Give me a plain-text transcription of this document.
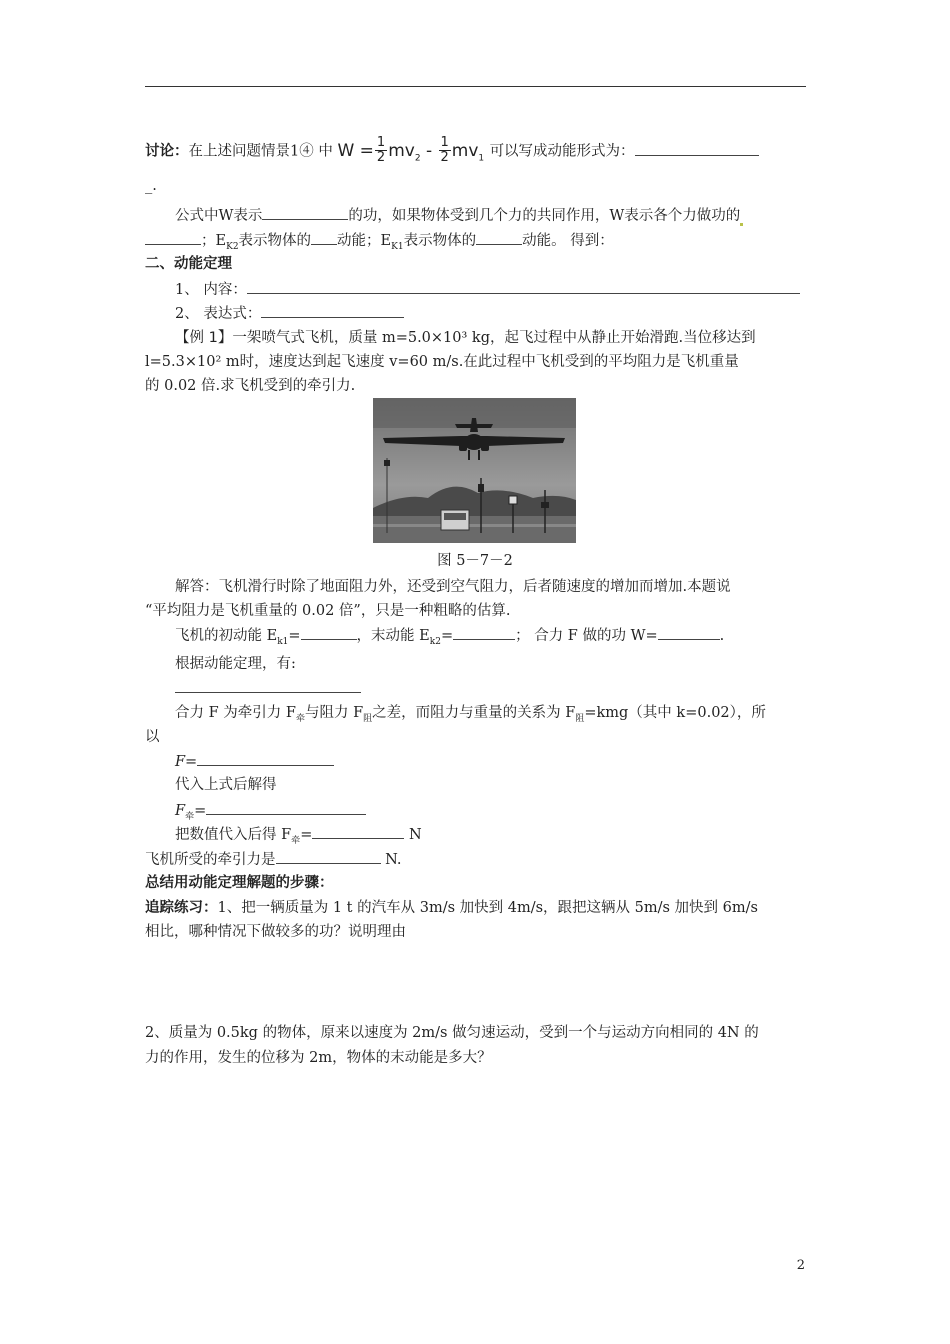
讨论：在上述问题情景1④ 中 $W = \frac{1}{2} mv_2 - \frac{1}{2} mv_1$ 可以写成动能形式为：
_.
公式中W表示	的功，如果物体受到几个力的共同作用，W表示各个力做功的
；$E_{K2}$表示物体的 动能；$E_{K1}$表示物体的	动能。 得到：
二、动能定理
1、 内容：
2、 表达式：
【例 1】一架喷气式飞机，质量 m=5.0×10³ kg，起飞过程中从静止开始滑跑.当位移达到
l=5.3×10² m时，速度达到起飞速度 v=60 m/s.在此过程中飞机受到的平均阻力是飞机重量
的 0.02 倍.求飞机受到的牵引力.
图 5－7－2
解答：飞机滑行时除了地面阻力外，还受到空气阻力，后者随速度的增加而增加.本题说
“平均阻力是飞机重量的 0.02 倍”，只是一种粗略的估算.
飞机的初动能 $E_{k1}=$	，末动能 $E_{k2}=$	； 合力 F 做的功 W=	.
根据动能定理，有:
合力 F 为牵引力 $F_牵$与阻力 $F_阻$之差，而阻力与重量的关系为 $F_阻=kmg$（其中 k=0.02），所
以
F=
代入上式后解得
$F_牵=$
把数值代入后得 $F_牵=$	N
飞机所受的牵引力是	N.
总结用动能定理解题的步骤：
追踪练习：1、把一辆质量为 1 t 的汽车从 3m/s 加快到 4m/s，跟把这辆从 5m/s 加快到 6m/s
相比，哪种情况下做较多的功？说明理由
2、质量为 0.5kg 的物体，原来以速度为 2m/s 做匀速运动，受到一个与运动方向相同的 4N 的
力的作用，发生的位移为 2m，物体的末动能是多大？
2
